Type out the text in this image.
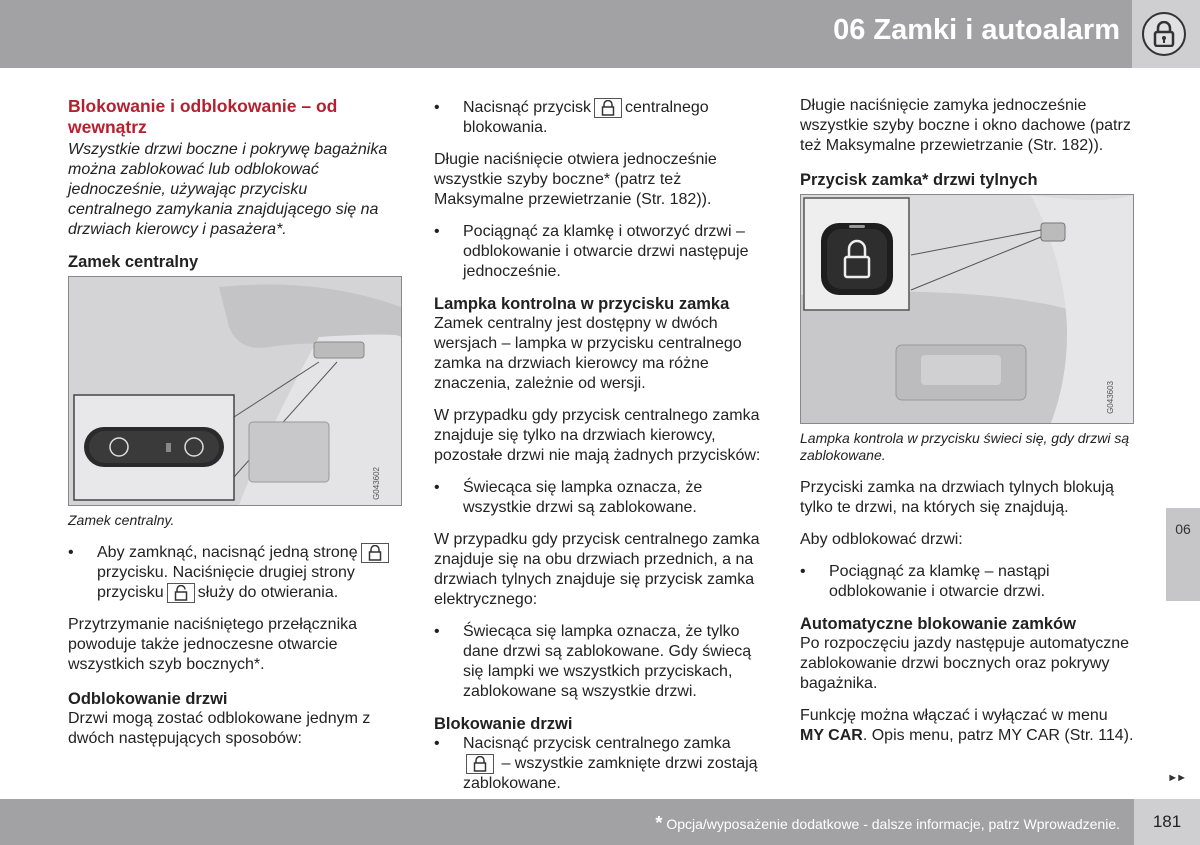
06 Zamki i autoalarm
Blokowanie i odblokowanie – od wewnątrz

Wszystkie drzwi boczne i pokrywę bagażnika można zablokować lub odblokować jednocześnie, używając przycisku centralnego zamykania znajdującego się na drzwiach kierowcy i pasażera*.

Zamek centralny
G043602
Zamek centralny.
•	Aby zamknąć, nacisnąć jedną stronęprzycisku. Naciśnięcie drugiej strony przycisku służy do otwierania.

Przytrzymanie naciśniętego przełącznika powoduje także jednoczesne otwarcie wszystkich szyb bocznych*.

Odblokowanie drzwi

Drzwi mogą zostać odblokowane jednym z dwóch następujących sposobów:

•	Nacisnąć przycisk centralnego blokowania.

Długie naciśnięcie otwiera jednocześnie wszystkie szyby boczne* (patrz też Maksymalne przewietrzanie (Str. 182)).

•	Pociągnąć za klamkę i otworzyć drzwi – odblokowanie i otwarcie drzwi następuje jednocześnie.
Lampka kontrolna w przycisku zamka

Zamek centralny jest dostępny w dwóch wersjach – lampka w przycisku centralnego zamka na drzwiach kierowcy ma różne znaczenia, zależnie od wersji.

W przypadku gdy przycisk centralnego zamka znajduje się tylko na drzwiach kierowcy, pozostałe drzwi nie mają żadnych przycisków:

•	Świecąca się lampka oznacza, że wszystkie drzwi są zablokowane.

W przypadku gdy przycisk centralnego zamka znajduje się na obu drzwiach przednich, a na drzwiach tylnych znajduje się przycisk zamka elektrycznego:

•	Świecąca się lampka oznacza, że tylko dane drzwi są zablokowane. Gdy świecą się lampki we wszystkich przyciskach, zablokowane są wszystkie drzwi.
Blokowanie drzwi
•	Nacisnąć przycisk centralnego zamka
– wszystkie zamknięte drzwi zostają zablokowane.

Długie naciśnięcie zamyka jednocześnie wszystkie szyby boczne i okno dachowe (patrz też Maksymalne przewietrzanie (Str. 182)).

Przycisk zamka* drzwi tylnych
G043603
Lampka kontrola w przycisku świeci się, gdy drzwi są zablokowane.

Przyciski zamka na drzwiach tylnych blokują tylko te drzwi, na których się znajdują.

Aby odblokować drzwi:

•	Pociągnąć za klamkę – nastąpi odblokowanie i otwarcie drzwi.
Automatyczne blokowanie zamków

Po rozpoczęciu jazdy następuje automatyczne zablokowanie drzwi bocznych oraz pokrywy bagażnika.

Funkcję można włączać i wyłączać w menu MY CAR. Opis menu, patrz MY CAR (Str. 114).

06
►►
* Opcja/wyposażenie dodatkowe - dalsze informacje, patrz Wprowadzenie.	181
